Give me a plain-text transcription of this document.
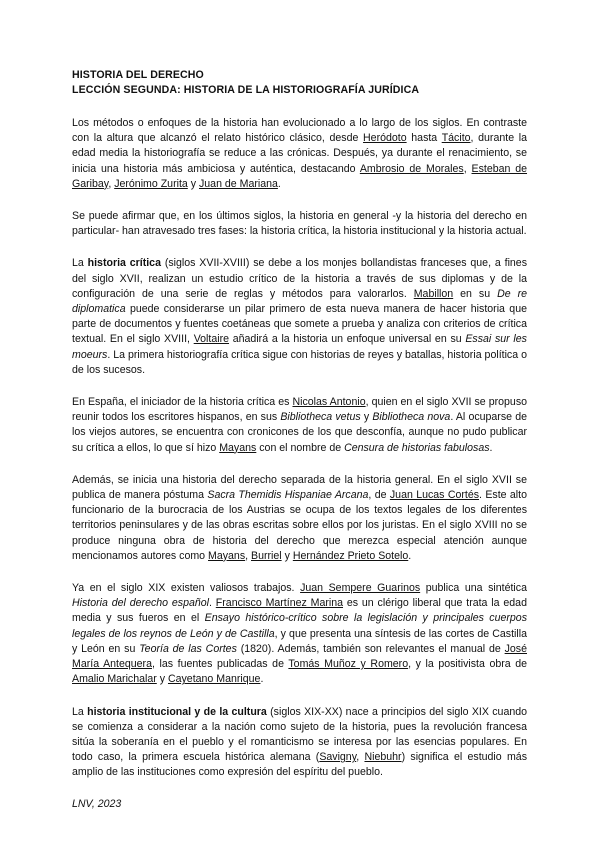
HISTORIA DEL DERECHO
LECCIÓN SEGUNDA: HISTORIA DE LA HISTORIOGRAFÍA JURÍDICA

Los métodos o enfoques de la historia han evolucionado a lo largo de los siglos. En contraste con la altura que alcanzó el relato histórico clásico, desde Heródoto hasta Tácito, durante la edad media la historiografía se reduce a las crónicas. Después, ya durante el renacimiento, se inicia una historia más ambiciosa y auténtica, destacando Ambrosio de Morales, Esteban de Garibay, Jerónimo Zurita y Juan de Mariana.

Se puede afirmar que, en los últimos siglos, la historia en general -y la historia del derecho en particular- han atravesado tres fases: la historia crítica, la historia institucional y la historia actual.

La historia crítica (siglos XVII-XVIII) se debe a los monjes bollandistas franceses que, a fines del siglo XVII, realizan un estudio crítico de la historia a través de sus diplomas y de la configuración de una serie de reglas y métodos para valorarlos. Mabillon en su De re diplomatica puede considerarse un pilar primero de esta nueva manera de hacer historia que parte de documentos y fuentes coetáneas que somete a prueba y analiza con criterios de crítica textual. En el siglo XVIII, Voltaire añadirá a la historia un enfoque universal en su Essai sur les moeurs. La primera historiografía crítica sigue con historias de reyes y batallas, historia política o de los sucesos.

En España, el iniciador de la historia crítica es Nicolas Antonio, quien en el siglo XVII se propuso reunir todos los escritores hispanos, en sus Bibliotheca vetus y Bibliotheca nova. Al ocuparse de los viejos autores, se encuentra con cronicones de los que desconfía, aunque no pudo publicar su crítica a ellos, lo que sí hizo Mayans con el nombre de Censura de historias fabulosas.

Además, se inicia una historia del derecho separada de la historia general. En el siglo XVII se publica de manera póstuma Sacra Themidis Hispaniae Arcana, de Juan Lucas Cortés. Este alto funcionario de la burocracia de los Austrias se ocupa de los textos legales de los diferentes territorios peninsulares y de las obras escritas sobre ellos por los juristas. En el siglo XVIII no se produce ninguna obra de historia del derecho que merezca especial atención aunque mencionamos autores como Mayans, Burriel y Hernández Prieto Sotelo.

Ya en el siglo XIX existen valiosos trabajos. Juan Sempere Guarinos publica una sintética Historia del derecho español. Francisco Martínez Marina es un clérigo liberal que trata la edad media y sus fueros en el Ensayo histórico-crítico sobre la legislación y principales cuerpos legales de los reynos de León y de Castilla, y que presenta una síntesis de las cortes de Castilla y León en su Teoría de las Cortes (1820). Además, también son relevantes el manual de José María Antequera, las fuentes publicadas de Tomás Muñoz y Romero, y la positivista obra de Amalio Marichalar y Cayetano Manrique.

La historia institucional y de la cultura (siglos XIX-XX) nace a principios del siglo XIX cuando se comienza a considerar a la nación como sujeto de la historia, pues la revolución francesa sitúa la soberanía en el pueblo y el romanticismo se interesa por las esencias populares. En todo caso, la primera escuela histórica alemana (Savigny, Niebuhr) significa el estudio más amplio de las instituciones como expresión del espíritu del pueblo.

LNV, 2023
